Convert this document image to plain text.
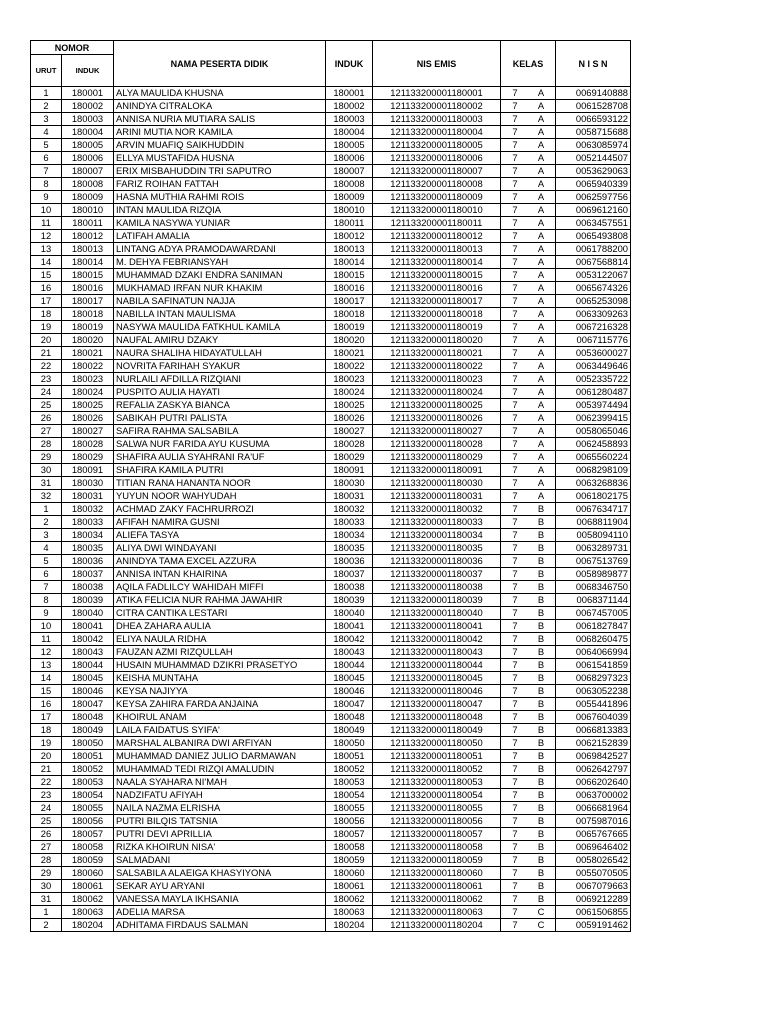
NOMOR		NAMA PESERTA DIDIK	INDUK	NIS EMIS	KELAS	N I S N
URUT	INDUK					
1	180001	ALYA MAULIDA KHUSNA	180001	121133200001180001	7 A	0069140888
2	180002	ANINDYA CITRALOKA	180002	121133200001180002	7 A	0061528708
3	180003	ANNISA NURIA MUTIARA SALIS	180003	121133200001180003	7 A	0066593122
4	180004	ARINI MUTIA NOR KAMILA	180004	121133200001180004	7 A	0058715688
5	180005	ARVIN MUAFIQ SAIKHUDDIN	180005	121133200001180005	7 A	0063085974
6	180006	ELLYA MUSTAFIDA HUSNA	180006	121133200001180006	7 A	0052144507
7	180007	ERIX MISBAHUDDIN TRI SAPUTRO	180007	121133200001180007	7 A	0053629063
8	180008	FARIZ ROIHAN FATTAH	180008	121133200001180008	7 A	0065940339
9	180009	HASNA MUTHIA RAHMI ROIS	180009	121133200001180009	7 A	0062597756
10	180010	INTAN MAULIDA RIZQIA	180010	121133200001180010	7 A	0069612160
11	180011	KAMILA NASYWA YUNIAR	180011	121133200001180011	7 A	0063457551
12	180012	LATIFAH AMALIA	180012	121133200001180012	7 A	0065493808
13	180013	LINTANG ADYA PRAMODAWARDANI	180013	121133200001180013	7 A	0061788200
14	180014	M. DEHYA FEBRIANSYAH	180014	121133200001180014	7 A	0067568814
15	180015	MUHAMMAD DZAKI ENDRA SANIMAN	180015	121133200001180015	7 A	0053122067
16	180016	MUKHAMAD IRFAN NUR KHAKIM	180016	121133200001180016	7 A	0065674326
17	180017	NABILA SAFINATUN NAJJA	180017	121133200001180017	7 A	0065253098
18	180018	NABILLA INTAN MAULISMA	180018	121133200001180018	7 A	0063309263
19	180019	NASYWA MAULIDA FATKHUL KAMILA	180019	121133200001180019	7 A	0067216328
20	180020	NAUFAL AMIRU DZAKY	180020	121133200001180020	7 A	0067115776
21	180021	NAURA SHALIHA HIDAYATULLAH	180021	121133200001180021	7 A	0053600027
22	180022	NOVRITA FARIHAH SYAKUR	180022	121133200001180022	7 A	0063449646
23	180023	NURLAILI AFDILLA RIZQIANI	180023	121133200001180023	7 A	0052335722
24	180024	PUSPITO AULIA HAYATI	180024	121133200001180024	7 A	0061280487
25	180025	REFALIA ZASKYA BIANCA	180025	121133200001180025	7 A	0053974494
26	180026	SABIKAH PUTRI PALISTA	180026	121133200001180026	7 A	0062399415
27	180027	SAFIRA RAHMA SALSABILA	180027	121133200001180027	7 A	0058065046
28	180028	SALWA NUR FARIDA AYU KUSUMA	180028	121133200001180028	7 A	0062458893
29	180029	SHAFIRA AULIA SYAHRANI RA'UF	180029	121133200001180029	7 A	0065560224
30	180091	SHAFIRA KAMILA PUTRI	180091	121133200001180091	7 A	0068298109
31	180030	TITIAN RANA HANANTA NOOR	180030	121133200001180030	7 A	0063268836
32	180031	YUYUN NOOR WAHYUDAH	180031	121133200001180031	7 A	0061802175
1	180032	ACHMAD ZAKY FACHRURROZI	180032	121133200001180032	7 B	0067634717
2	180033	AFIFAH NAMIRA GUSNI	180033	121133200001180033	7 B	0068811904
3	180034	ALIEFA TASYA	180034	121133200001180034	7 B	0058094110
4	180035	ALIYA DWI WINDAYANI	180035	121133200001180035	7 B	0063289731
5	180036	ANINDYA TAMA EXCEL AZZURA	180036	121133200001180036	7 B	0067513769
6	180037	ANNISA INTAN KHAIRINA	180037	121133200001180037	7 B	0058989877
7	180038	AQILA FADLILCY WAHIDAH MIFFI	180038	121133200001180038	7 B	0068346750
8	180039	ATIKA FELICIA NUR RAHMA JAWAHIR	180039	121133200001180039	7 B	0068371144
9	180040	CITRA CANTIKA LESTARI	180040	121133200001180040	7 B	0067457005
10	180041	DHEA ZAHARA AULIA	180041	121133200001180041	7 B	0061827847
11	180042	ELIYA NAULA RIDHA	180042	121133200001180042	7 B	0068260475
12	180043	FAUZAN AZMI RIZQULLAH	180043	121133200001180043	7 B	0064066994
13	180044	HUSAIN MUHAMMAD DZIKRI PRASETYO	180044	121133200001180044	7 B	0061541859
14	180045	KEISHA MUNTAHA	180045	121133200001180045	7 B	0068297323
15	180046	KEYSA NAJIYYA	180046	121133200001180046	7 B	0063052238
16	180047	KEYSA ZAHIRA FARDA ANJAINA	180047	121133200001180047	7 B	0055441896
17	180048	KHOIRUL ANAM	180048	121133200001180048	7 B	0067604039
18	180049	LAILA FAIDATUS SYIFA'	180049	121133200001180049	7 B	0066813383
19	180050	MARSHAL ALBANIRA DWI ARFIYAN	180050	121133200001180050	7 B	0062152839
20	180051	MUHAMMAD DANIEZ JULIO DARMAWAN	180051	121133200001180051	7 B	0069842527
21	180052	MUHAMMAD TEDI RIZQI AMALUDIN	180052	121133200001180052	7 B	0062642797
22	180053	NAALA SYAHARA NI'MAH	180053	121133200001180053	7 B	0066202640
23	180054	NADZIFATU AFIYAH	180054	121133200001180054	7 B	0063700002
24	180055	NAILA NAZMA ELRISHA	180055	121133200001180055	7 B	0066681964
25	180056	PUTRI BILQIS TATSNIA	180056	121133200001180056	7 B	0075987016
26	180057	PUTRI DEVI APRILLIA	180057	121133200001180057	7 B	0065767665
27	180058	RIZKA KHOIRUN NISA'	180058	121133200001180058	7 B	0069646402
28	180059	SALMADANI	180059	121133200001180059	7 B	0058026542
29	180060	SALSABILA ALAEIGA KHASYIYONA	180060	121133200001180060	7 B	0055070505
30	180061	SEKAR AYU ARYANI	180061	121133200001180061	7 B	0067079663
31	180062	VANESSA MAYLA IKHSANIA	180062	121133200001180062	7 B	0069212289
1	180063	ADELIA MARSA	180063	121133200001180063	7 C	0061506855
2	180204	ADHITAMA FIRDAUS SALMAN	180204	121133200001180204	7 C	0059191462
